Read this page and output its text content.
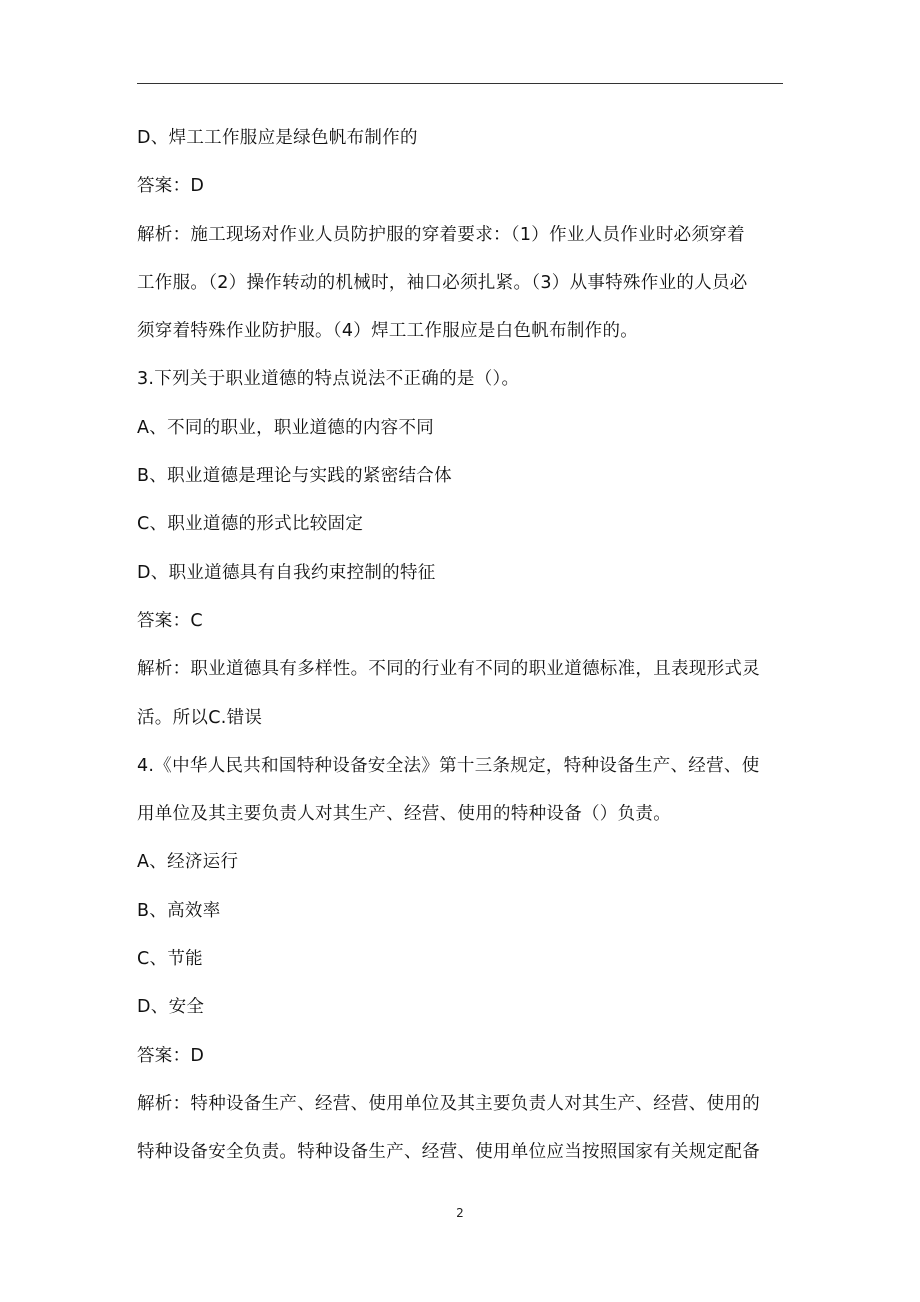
D、焊工工作服应是绿色帆布制作的
答案：D
解析：施工现场对作业人员防护服的穿着要求：（1）作业人员作业时必须穿着
工作服。（2）操作转动的机械时，袖口必须扎紧。（3）从事特殊作业的人员必
须穿着特殊作业防护服。（4）焊工工作服应是白色帆布制作的。
3.下列关于职业道德的特点说法不正确的是（）。
A、不同的职业，职业道德的内容不同
B、职业道德是理论与实践的紧密结合体
C、职业道德的形式比较固定
D、职业道德具有自我约束控制的特征
答案：C
解析：职业道德具有多样性。不同的行业有不同的职业道德标准，且表现形式灵
活。所以C.错误
4.《中华人民共和国特种设备安全法》第十三条规定，特种设备生产、经营、使
用单位及其主要负责人对其生产、经营、使用的特种设备（）负责。
A、经济运行
B、高效率
C、节能
D、安全
答案：D
解析：特种设备生产、经营、使用单位及其主要负责人对其生产、经营、使用的
特种设备安全负责。特种设备生产、经营、使用单位应当按照国家有关规定配备
2
